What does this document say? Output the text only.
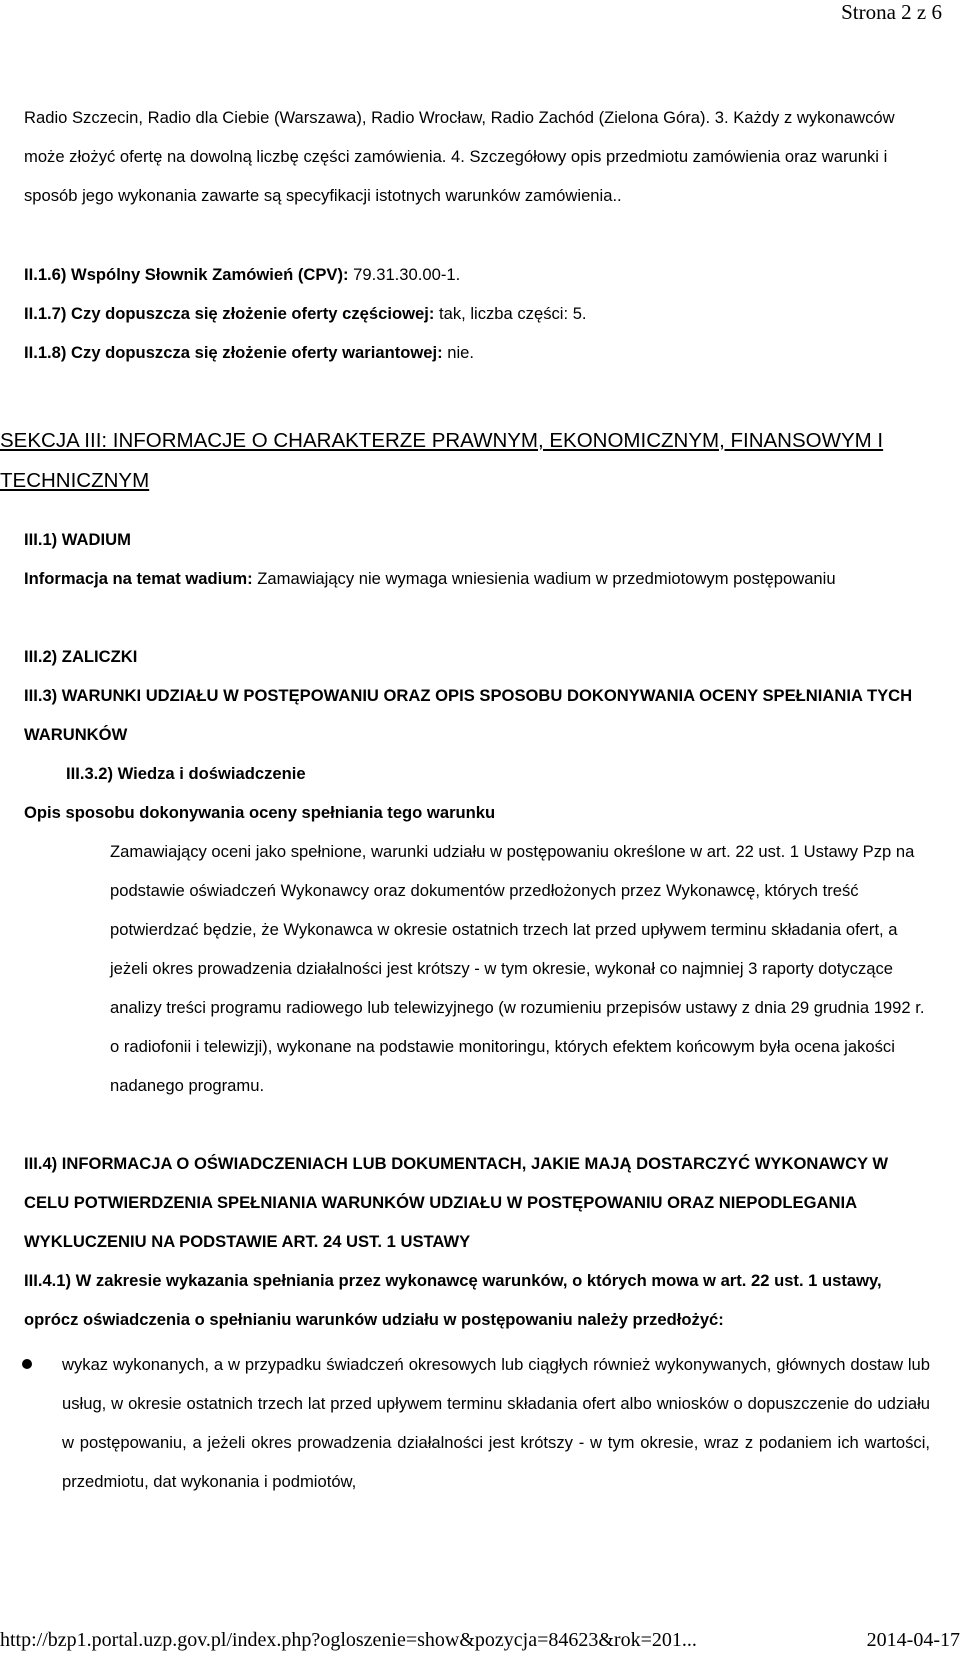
Strona 2 z 6

Radio Szczecin, Radio dla Ciebie (Warszawa), Radio Wrocław, Radio Zachód (Zielona Góra). 3. Każdy z wykonawców może złożyć ofertę na dowolną liczbę części zamówienia. 4. Szczegółowy opis przedmiotu zamówienia oraz warunki i sposób jego wykonania zawarte są specyfikacji istotnych warunków zamówienia..

II.1.6) Wspólny Słownik Zamówień (CPV): 79.31.30.00-1.

II.1.7) Czy dopuszcza się złożenie oferty częściowej: tak, liczba części: 5.

II.1.8) Czy dopuszcza się złożenie oferty wariantowej: nie.

SEKCJA III: INFORMACJE O CHARAKTERZE PRAWNYM, EKONOMICZNYM, FINANSOWYM I TECHNICZNYM

III.1) WADIUM

Informacja na temat wadium: Zamawiający nie wymaga wniesienia wadium w przedmiotowym postępowaniu

III.2) ZALICZKI

III.3) WARUNKI UDZIAŁU W POSTĘPOWANIU ORAZ OPIS SPOSOBU DOKONYWANIA OCENY SPEŁNIANIA TYCH WARUNKÓW

III.3.2) Wiedza i doświadczenie

Opis sposobu dokonywania oceny spełniania tego warunku

Zamawiający oceni jako spełnione, warunki udziału w postępowaniu określone w art. 22 ust. 1 Ustawy Pzp na podstawie oświadczeń Wykonawcy oraz dokumentów przedłożonych przez Wykonawcę, których treść potwierdzać będzie, że Wykonawca w okresie ostatnich trzech lat przed upływem terminu składania ofert, a jeżeli okres prowadzenia działalności jest krótszy - w tym okresie, wykonał co najmniej 3 raporty dotyczące analizy treści programu radiowego lub telewizyjnego (w rozumieniu przepisów ustawy z dnia 29 grudnia 1992 r. o radiofonii i telewizji), wykonane na podstawie monitoringu, których efektem końcowym była ocena jakości nadanego programu.

III.4) INFORMACJA O OŚWIADCZENIACH LUB DOKUMENTACH, JAKIE MAJĄ DOSTARCZYĆ WYKONAWCY W CELU POTWIERDZENIA SPEŁNIANIA WARUNKÓW UDZIAŁU W POSTĘPOWANIU ORAZ NIEPODLEGANIA WYKLUCZENIU NA PODSTAWIE ART. 24 UST. 1 USTAWY

III.4.1) W zakresie wykazania spełniania przez wykonawcę warunków, o których mowa w art. 22 ust. 1 ustawy, oprócz oświadczenia o spełnianiu warunków udziału w postępowaniu należy przedłożyć:

wykaz wykonanych, a w przypadku świadczeń okresowych lub ciągłych również wykonywanych, głównych dostaw lub usług, w okresie ostatnich trzech lat przed upływem terminu składania ofert albo wniosków o dopuszczenie do udziału w postępowaniu, a jeżeli okres prowadzenia działalności jest krótszy - w tym okresie, wraz z podaniem ich wartości, przedmiotu, dat wykonania i podmiotów,

http://bzp1.portal.uzp.gov.pl/index.php?ogloszenie=show&pozycja=84623&rok=201...	2014-04-17
